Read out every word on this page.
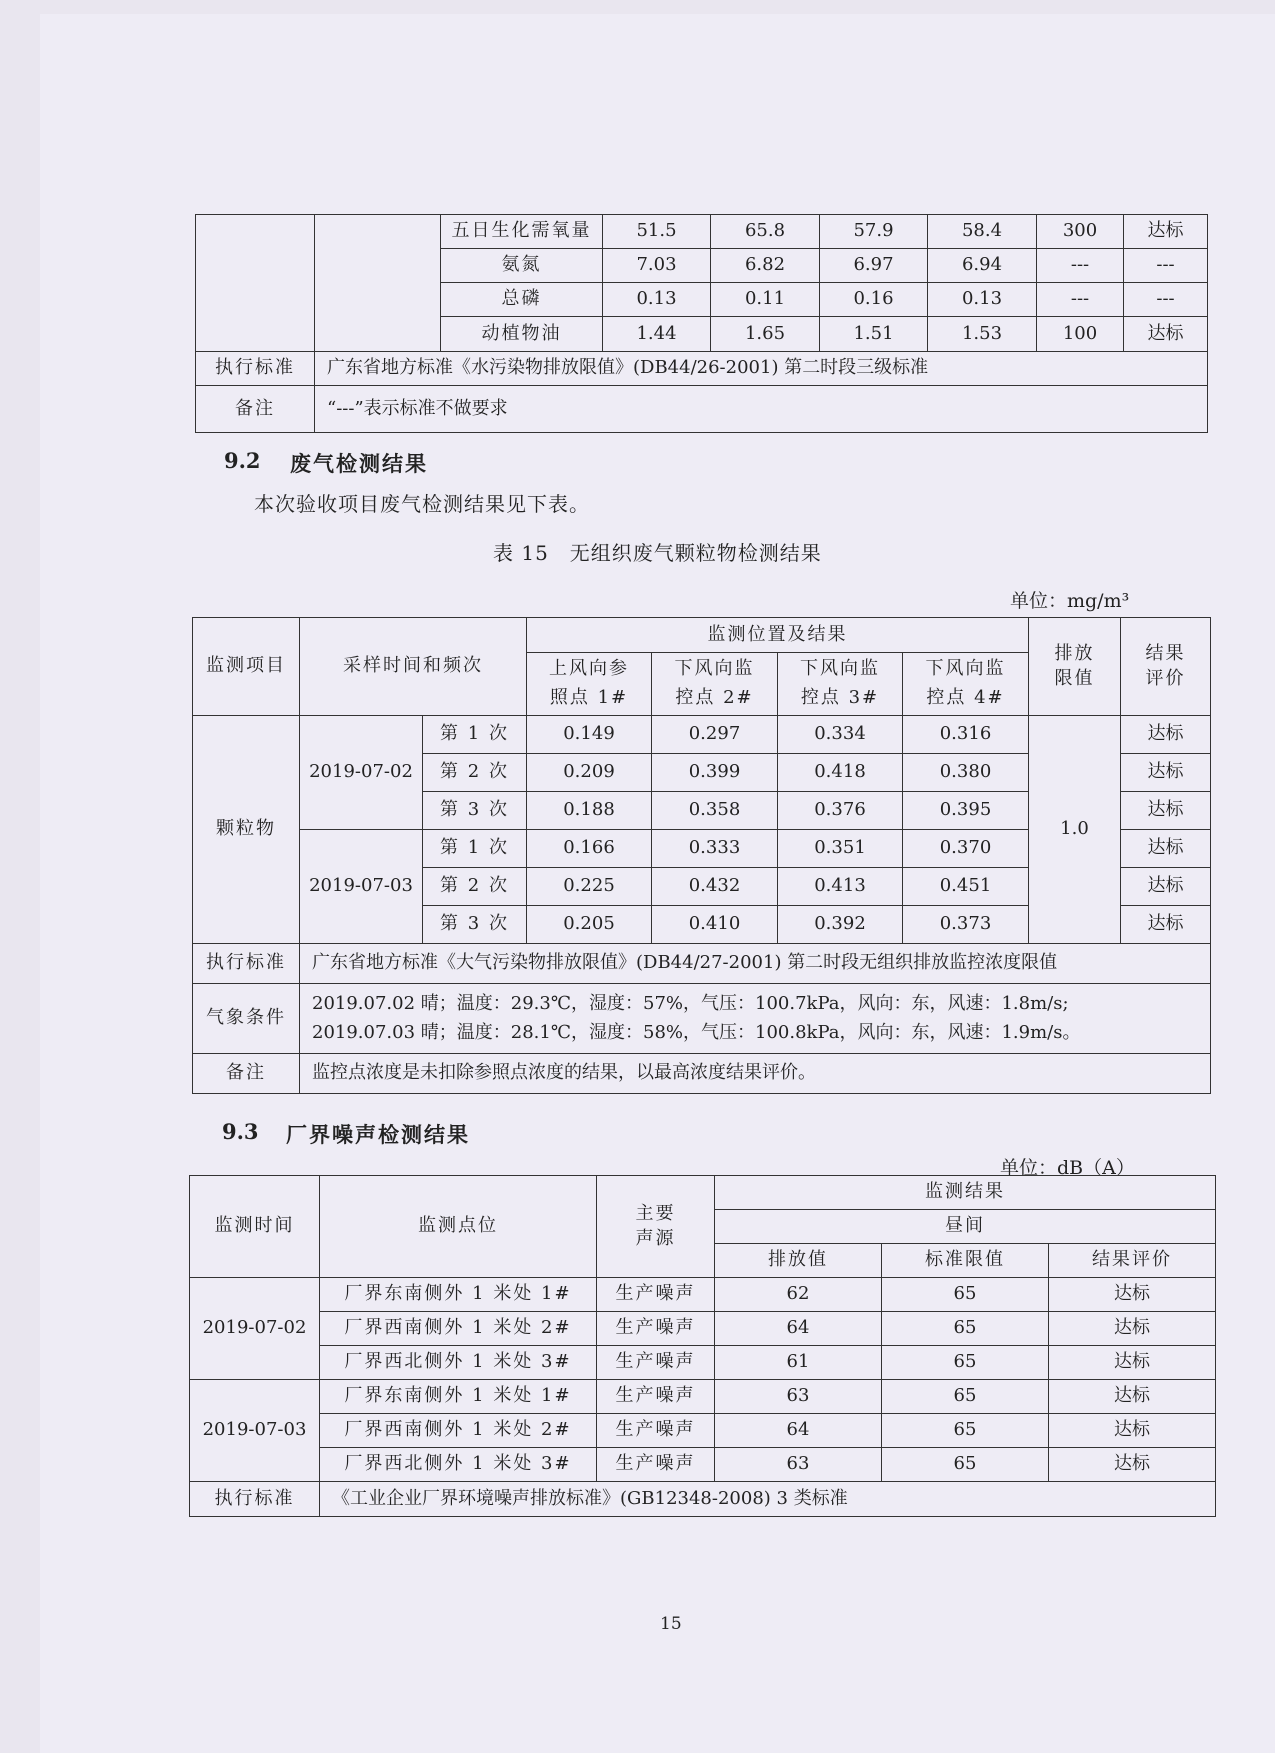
		五日生化需氧量	51.5	65.8	57.9	58.4	300	达标
		氨氮	7.03	6.82	6.97	6.94	---	---
		总磷	0.13	0.11	0.16	0.13	---	---
		动植物油	1.44	1.65	1.51	1.53	100	达标
执行标准	广东省地方标准《水污染物排放限值》(DB44/26-2001) 第二时段三级标准							
备注	“---”表示标准不做要求							
9.2 废气检测结果
本次验收项目废气检测结果见下表。
表 15　无组织废气颗粒物检测结果
单位：mg/m³
监测项目	采样时间和频次		监测位置及结果				排放限值	结果评价
			上风向参照点 1#	下风向监控点 2#	下风向监控点 3#	下风向监控点 4#		
颗粒物	2019-07-02	第 1 次	0.149	0.297	0.334	0.316	1.0	达标
		第 2 次	0.209	0.399	0.418	0.380		达标
		第 3 次	0.188	0.358	0.376	0.395		达标
	2019-07-03	第 1 次	0.166	0.333	0.351	0.370		达标
		第 2 次	0.225	0.432	0.413	0.451		达标
		第 3 次	0.205	0.410	0.392	0.373		达标
执行标准	广东省地方标准《大气污染物排放限值》(DB44/27-2001) 第二时段无组织排放监控浓度限值							
气象条件	2019.07.02 晴；温度：29.3℃，湿度：57%，气压：100.7kPa，风向：东，风速：1.8m/s;
2019.07.03 晴；温度：28.1℃，湿度：58%，气压：100.8kPa，风向：东，风速：1.9m/s。							

备注	监控点浓度是未扣除参照点浓度的结果，以最高浓度结果评价。							
9.3 厂界噪声检测结果
单位：dB（A）
监测时间	监测点位	主要声源	监测结果		
			昼间		
			排放值	标准限值	结果评价
2019-07-02	厂界东南侧外 1 米处 1#	生产噪声	62	65	达标
	厂界西南侧外 1 米处 2#	生产噪声	64	65	达标
	厂界西北侧外 1 米处 3#	生产噪声	61	65	达标
2019-07-03	厂界东南侧外 1 米处 1#	生产噪声	63	65	达标
	厂界西南侧外 1 米处 2#	生产噪声	64	65	达标
	厂界西北侧外 1 米处 3#	生产噪声	63	65	达标
执行标准	《工业企业厂界环境噪声排放标准》(GB12348-2008) 3 类标准				
15
